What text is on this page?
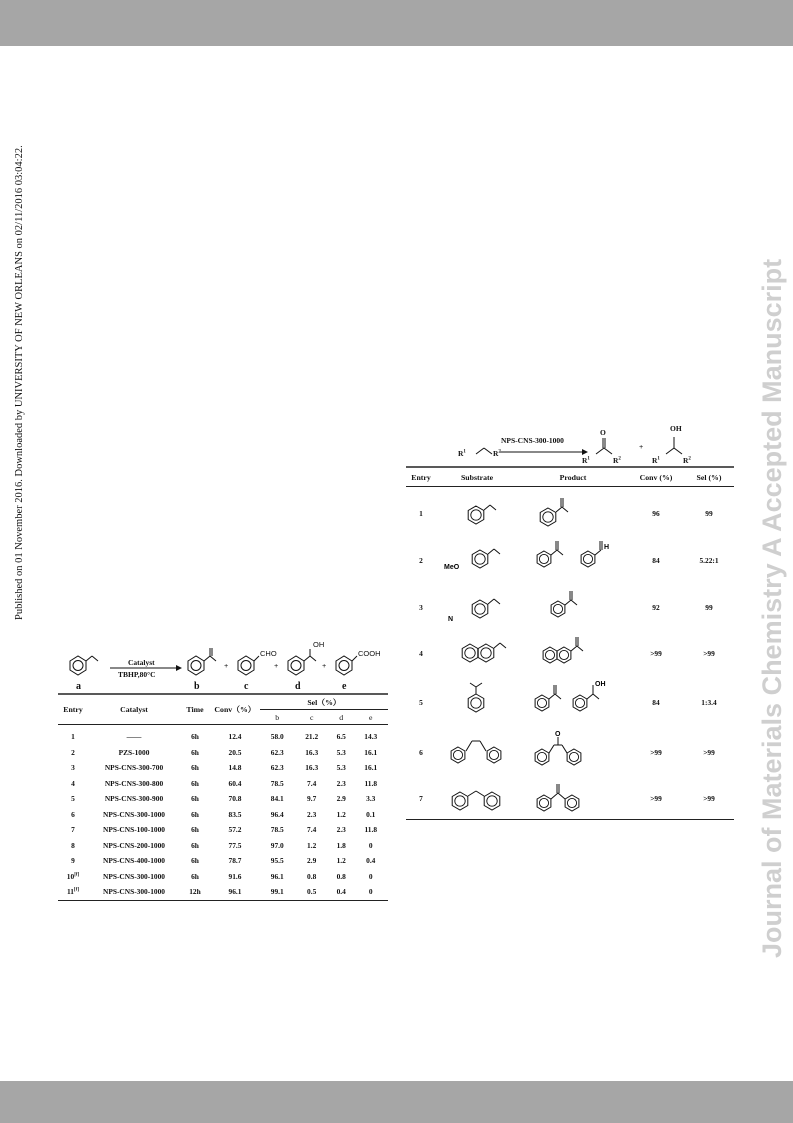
Published on 01 November 2016. Downloaded by UNIVERSITY OF NEW ORLEANS on 02/11/2016 03:04:22.	Journal of Materials Chemistry A Accepted Manuscript
Catalyst
TBHP,80°C
+	+	+
CHO
OH
COOH
a	b	c	d	e
Entry	Catalyst	Time	Conv（%）	Sel（%）			
				b	c	d	e

1	——	6h	12.4	58.0	21.2	6.5	14.3
2	PZS-1000	6h	20.5	62.3	16.3	5.3	16.1
3	NPS-CNS-300-700	6h	14.8	62.3	16.3	5.3	16.1
4	NPS-CNS-300-800	6h	60.4	78.5	7.4	2.3	11.8
5	NPS-CNS-300-900	6h	70.8	84.1	9.7	2.9	3.3
6	NPS-CNS-300-1000	6h	83.5	96.4	2.3	1.2	0.1
7	NPS-CNS-100-1000	6h	57.2	78.5	7.4	2.3	11.8
8	NPS-CNS-200-1000	6h	77.5	97.0	1.2	1.8	0
9	NPS-CNS-400-1000	6h	78.7	95.5	2.9	1.2	0.4
10[f]	NPS-CNS-300-1000	6h	91.6	96.1	0.8	0.8	0
11[f]	NPS-CNS-300-1000	12h	96.1	99.1	0.5	0.4	0
NPS-CNS-300-1000
$R^1$	$R^2$
O
$R^1$	$R^2$
+
OH
$R^1$	$R^2$
Entry	Substrate	Product	Conv (%)	Sel (%)

1			96	99
2	MeO	H	84	5.22:1
3	N		92	99
4			>99	>99
5		OH	84	1:3.4
6		O	>99	>99
7			>99	>99
